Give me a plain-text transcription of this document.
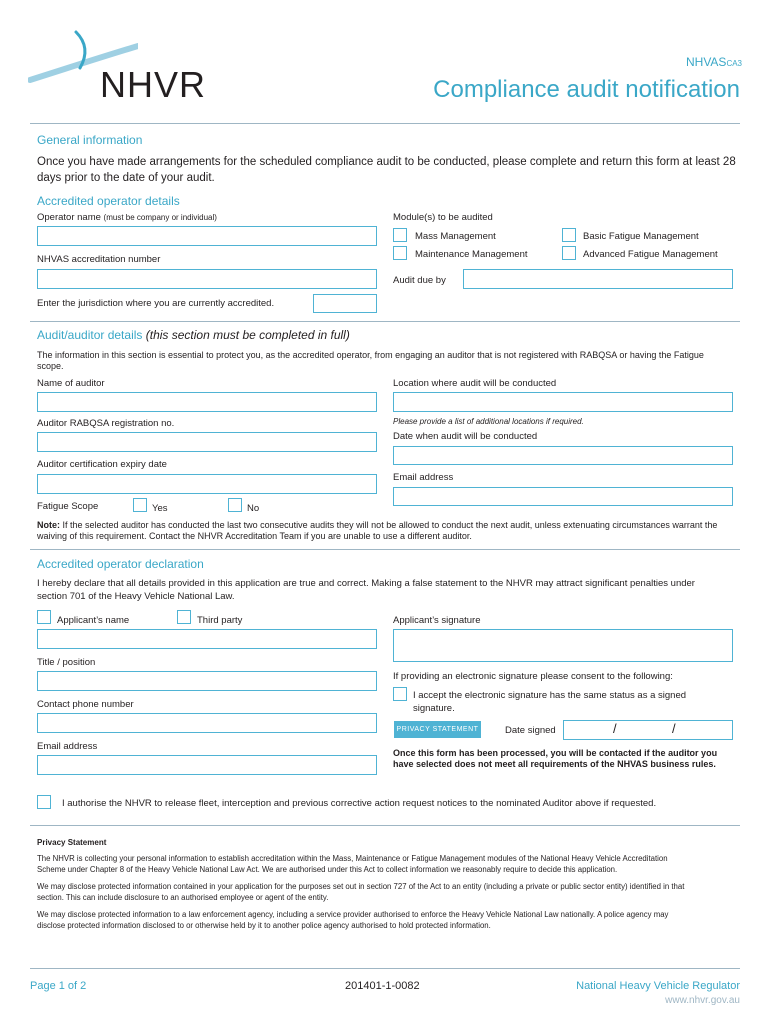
NHVR
NHVASCA3
Compliance audit notification
General information
Once you have made arrangements for the scheduled compliance audit to be conducted, please complete and return this form at least 28 days prior to the date of your audit.
Accredited operator details
Operator name (must be company or individual)	Module(s) to be audited
Mass Management	Basic Fatigue Management
Maintenance Management	Advanced Fatigue Management
NHVAS accreditation number
Audit due by
Enter the jurisdiction where you are currently accredited.
Audit/auditor details (this section must be completed in full)
The information in this section is essential to protect you, as the accredited operator, from engaging an auditor that is not registered with RABQSA or having the Fatigue scope.
Name of auditor	Location where audit will be conducted
Auditor RABQSA registration no.	Please provide a list of additional locations if required.
Date when audit will be conducted
Auditor certification expiry date
Email address
Fatigue Scope	Yes	No
Note: If the selected auditor has conducted the last two consecutive audits they will not be allowed to conduct the next audit, unless extenuating circumstances warrant the waiving of this requirement. Contact the NHVR Accreditation Team if you are unable to use a different auditor.
Accredited operator declaration
I hereby declare that all details provided in this application are true and correct. Making a false statement to the NHVR may attract significant penalties under section 701 of the Heavy Vehicle National Law.
Applicant’s name	Third party	Applicant’s signature
Title / position
If providing an electronic signature please consent to the following:
I accept the electronic signature has the same status as a signed signature.
Contact phone number
PRIVACY STATEMENT	Date signed	/	/
Email address
Once this form has been processed, you will be contacted if the auditor you have selected does not meet all requirements of the NHVAS business rules.
I authorise the NHVR to release fleet, interception and previous corrective action request notices to the nominated Auditor above if requested.
Privacy Statement

The NHVR is collecting your personal information to establish accreditation within the Mass, Maintenance or Fatigue Management modules of the National Heavy Vehicle Accreditation Scheme under Chapter 8 of the Heavy Vehicle National Law Act. We are authorised under this Act to collect information we reasonably require to decide this application.

We may disclose protected information contained in your application for the purposes set out in section 727 of the Act to an entity (including a private or public sector entity) identified in that section. This can include disclosure to an authorised employee or agent of the entity.

We may disclose protected information to a law enforcement agency, including a service provider authorised to enforce the Heavy Vehicle National Law nationally. A police agency may disclose protected information disclosed to or otherwise held by it to another police agency authorised to hold protected information.

Page 1 of 2	201401-1-0082	National Heavy Vehicle Regulator
www.nhvr.gov.au
